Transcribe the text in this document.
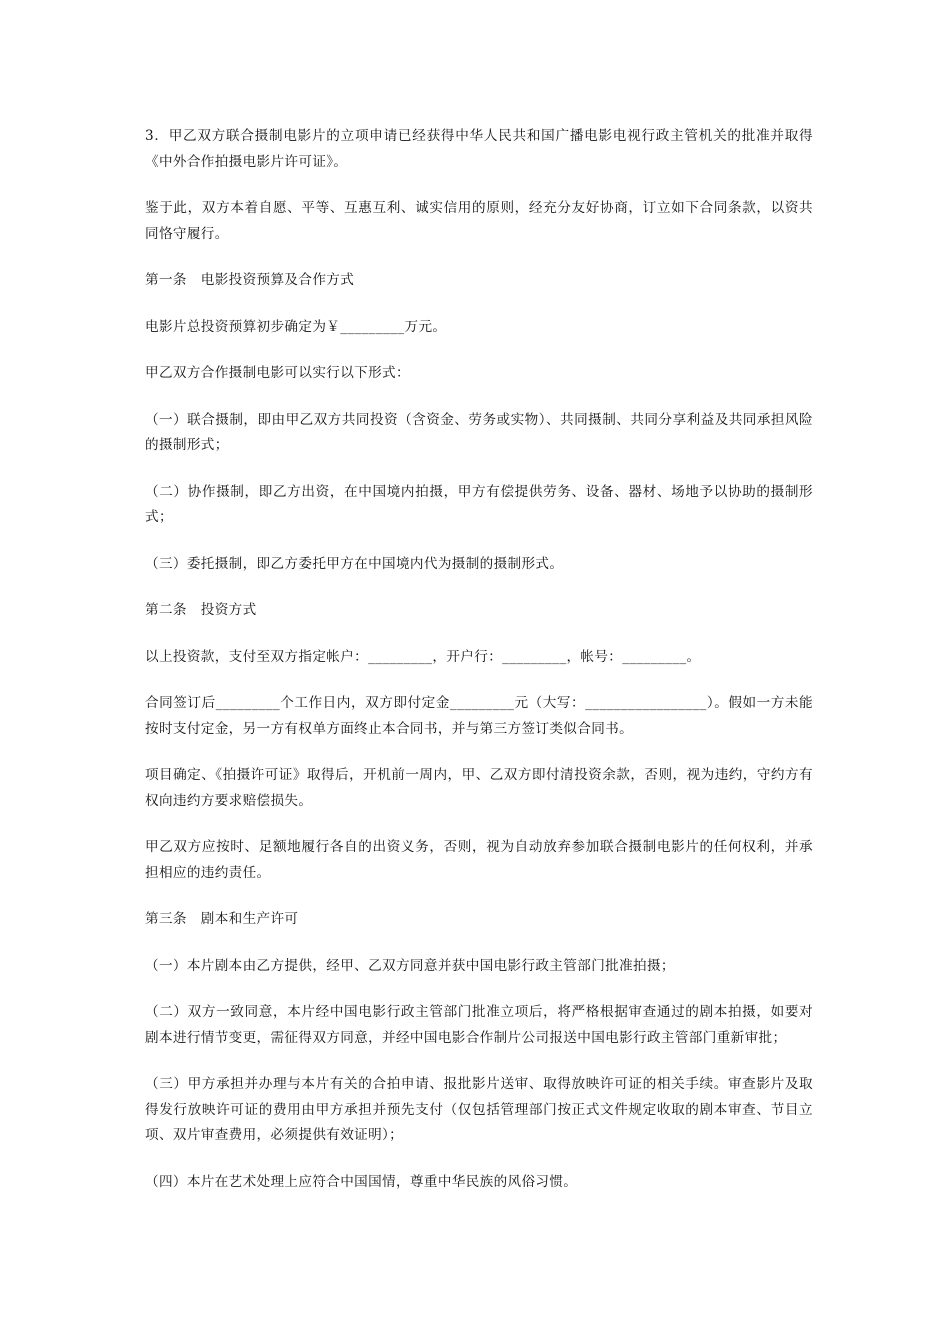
3．甲乙双方联合摄制电影片的立项申请已经获得中华人民共和国广播电影电视行政主管机关的批准并取得《中外合作拍摄电影片许可证》。

鉴于此，双方本着自愿、平等、互惠互利、诚实信用的原则，经充分友好协商，订立如下合同条款，以资共同恪守履行。

第一条　电影投资预算及合作方式

电影片总投资预算初步确定为￥_________万元。

甲乙双方合作摄制电影可以实行以下形式：

（一）联合摄制，即由甲乙双方共同投资（含资金、劳务或实物）、共同摄制、共同分享利益及共同承担风险的摄制形式；

（二）协作摄制，即乙方出资，在中国境内拍摄，甲方有偿提供劳务、设备、器材、场地予以协助的摄制形式；

（三）委托摄制，即乙方委托甲方在中国境内代为摄制的摄制形式。

第二条　投资方式

以上投资款，支付至双方指定帐户：_________，开户行：_________，帐号：_________。

合同签订后_________个工作日内，双方即付定金_________元（大写：_________________）。假如一方未能按时支付定金，另一方有权单方面终止本合同书，并与第三方签订类似合同书。

项目确定、《拍摄许可证》取得后，开机前一周内，甲、乙双方即付清投资余款，否则，视为违约，守约方有权向违约方要求赔偿损失。

甲乙双方应按时、足额地履行各自的出资义务，否则，视为自动放弃参加联合摄制电影片的任何权利，并承担相应的违约责任。

第三条　剧本和生产许可

（一）本片剧本由乙方提供，经甲、乙双方同意并获中国电影行政主管部门批准拍摄；

（二）双方一致同意，本片经中国电影行政主管部门批准立项后，将严格根据审查通过的剧本拍摄，如要对剧本进行情节变更，需征得双方同意，并经中国电影合作制片公司报送中国电影行政主管部门重新审批；

（三）甲方承担并办理与本片有关的合拍申请、报批影片送审、取得放映许可证的相关手续。审查影片及取得发行放映许可证的费用由甲方承担并预先支付（仅包括管理部门按正式文件规定收取的剧本审查、节目立项、双片审查费用，必须提供有效证明）；

（四）本片在艺术处理上应符合中国国情，尊重中华民族的风俗习惯。
